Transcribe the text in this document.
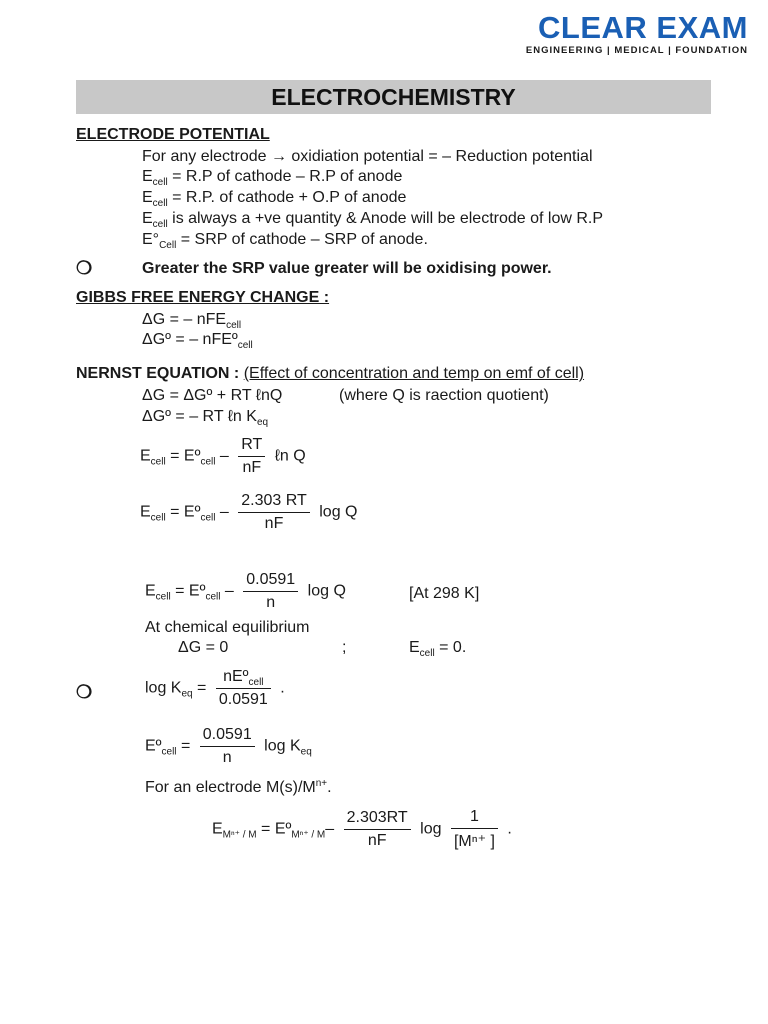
CLEAR EXAM
ENGINEERING | MEDICAL | FOUNDATION
ELECTROCHEMISTRY
ELECTRODE POTENTIAL
For any electrode → oxidiation potential = – Reduction potential
$E_{cell} = R.P$ of cathode – R.P of anode
$E_{cell} = R.P$. of cathode + O.P of anode
$E_{cell}$ is always a +ve quantity & Anode will be electrode of low R.P
$E^\circ_{Cell}$ = SRP of cathode – SRP of anode.
❍	Greater the SRP value greater will be oxidising power.
GIBBS FREE ENERGY CHANGE :
ΔG = – nFE$_{cell}$
ΔGº = – nFEº$_{cell}$
NERNST EQUATION : (Effect of concentration and temp on emf of cell)
ΔG = ΔGº + RT ℓnQ	(where Q is raection quotient)
ΔGº = – RT ℓn $K_{eq}$
$E_{cell}$ = Eº$_{cell}$ – $\frac{RT}{nF}$ ℓn Q
$E_{cell}$ = Eº$_{cell}$ – $\frac{2.303 RT}{nF}$ log Q
$E_{cell}$ = Eº$_{cell}$ – $\frac{0.0591}{n}$ log Q	[At 298 K]
At chemical equilibrium
ΔG = 0	;	$E_{cell} = 0$.
❍	$\log K_{eq} = \frac{nEº_{cell}}{0.0591}$ .
Eº$_{cell}$ = $\frac{0.0591}{n}$ $\log K_{eq}$
For an electrode $M(s)/M^{n+}$.
$E_{M^{n+} / M}$ = Eº$_{M^{n+} / M}$– $\frac{2.303RT}{nF}$ $\log \frac{1}{\text{[Mⁿ⁺ ]}}$ .
